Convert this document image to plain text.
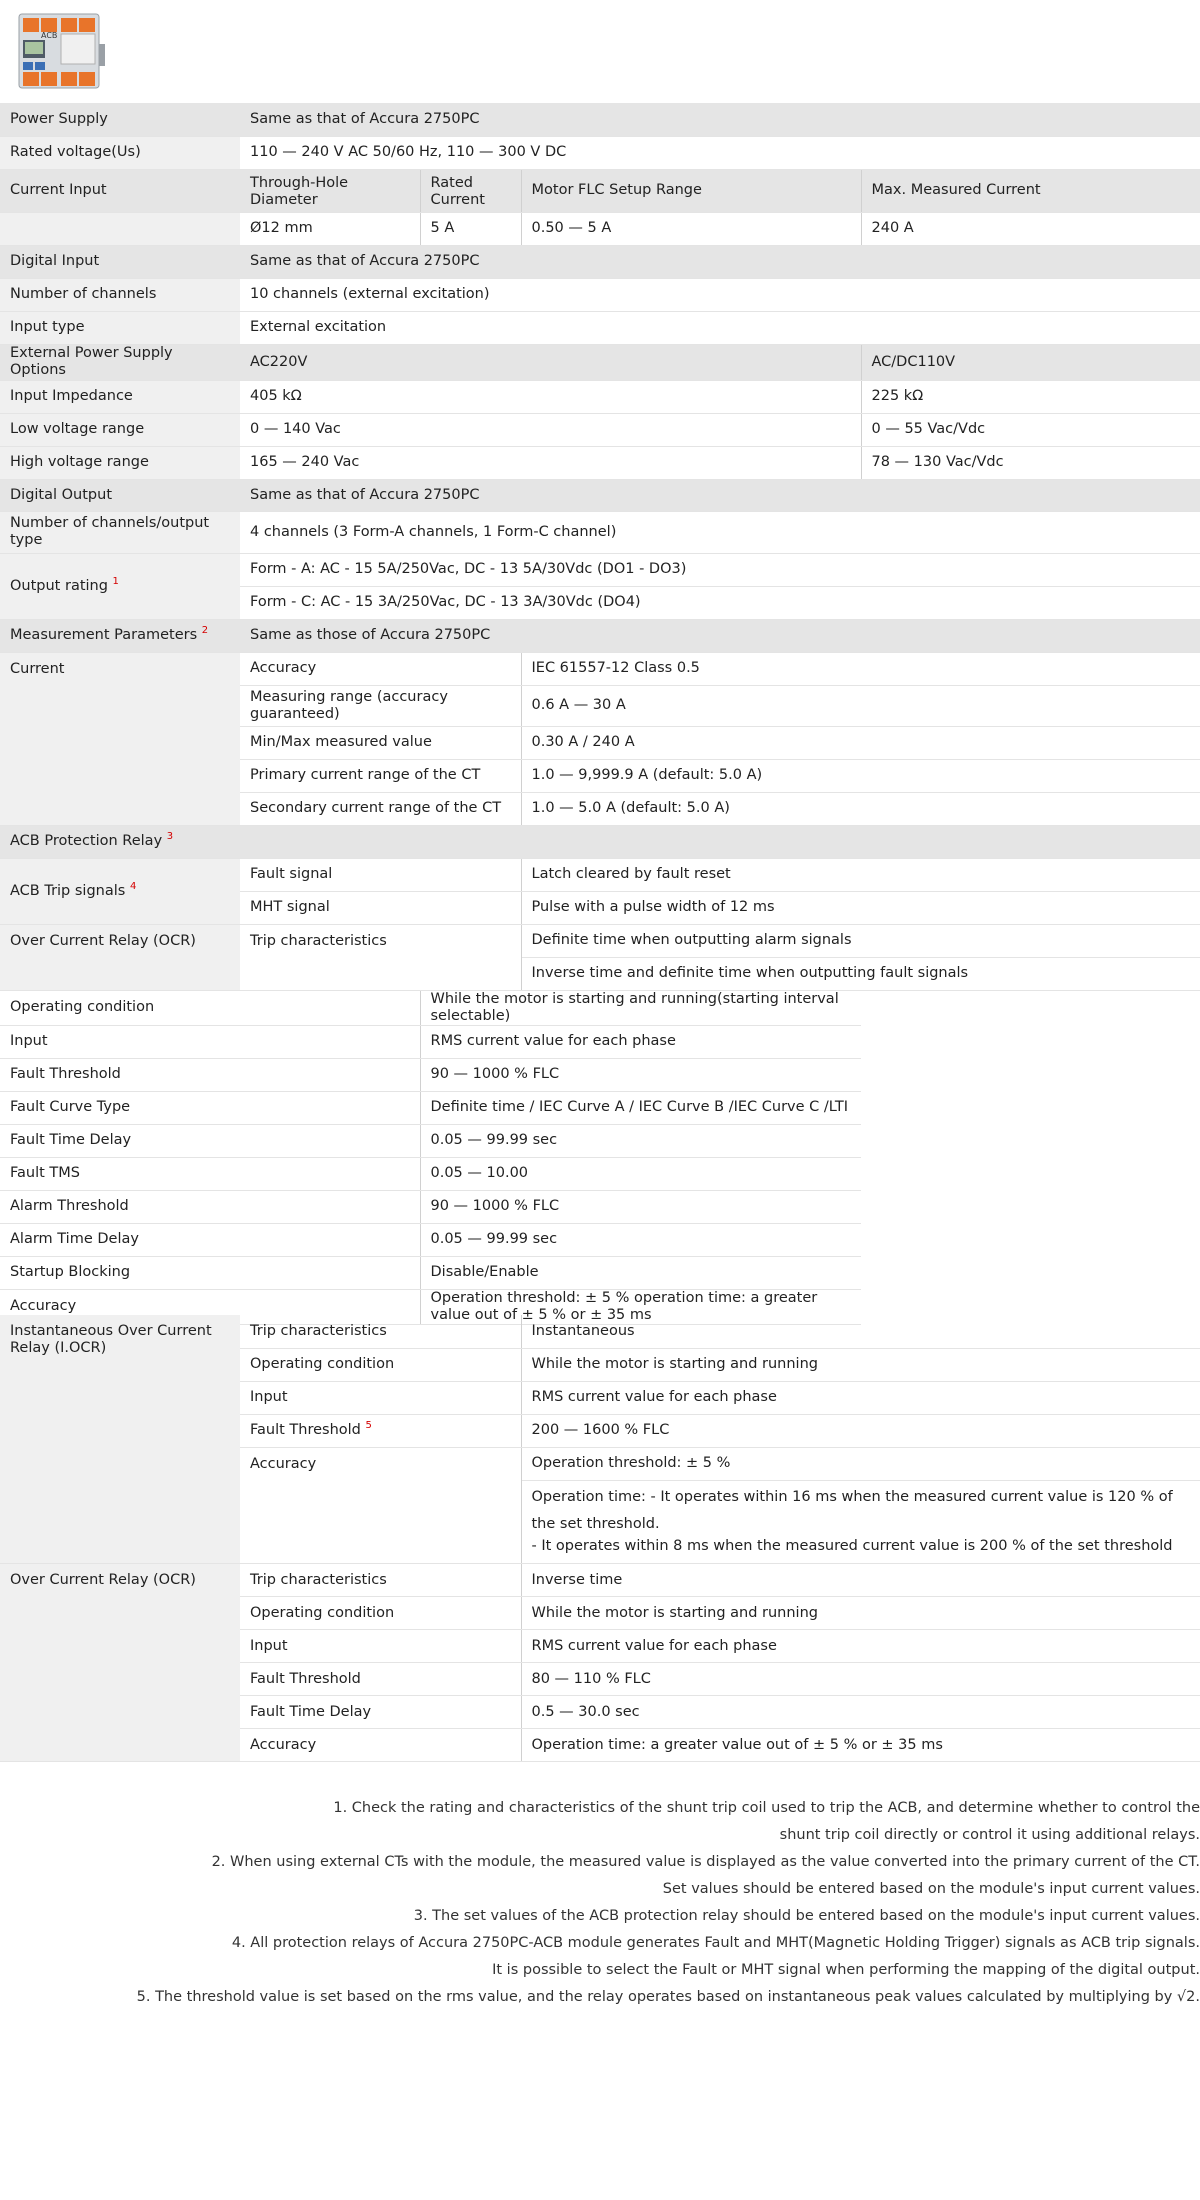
ACB
Power Supply	Same as that of Accura 2750PC			
Rated voltage(Us)	110 — 240 V AC 50/60 Hz, 110 — 300 V DC			
Current Input	Through-Hole Diameter	Rated Current	Motor FLC Setup Range	Max. Measured Current
	Ø12 mm	5 A	0.50 — 5 A	240 A
Digital Input	Same as that of Accura 2750PC			
Number of channels	10 channels (external excitation)			
Input type	External excitation			
External Power Supply Options	AC220V			AC/DC110V
Input Impedance	405 kΩ			225 kΩ
Low voltage range	0 — 140 Vac			0 — 55 Vac/Vdc
High voltage range	165 — 240 Vac			78 — 130 Vac/Vdc
Digital Output	Same as that of Accura 2750PC			
Number of channels/output type	4 channels (3 Form-A channels, 1 Form-C channel)			
Output rating $^1$	Form - A: AC - 15 5A/250Vac, DC - 13 5A/30Vdc (DO1 - DO3)			
	Form - C: AC - 15 3A/250Vac, DC - 13 3A/30Vdc (DO4)			
Measurement Parameters $^2$	Same as those of Accura 2750PC			
Current	Accuracy		IEC 61557-12 Class 0.5	
	Measuring range (accuracy guaranteed)		0.6 A — 30 A	
	Min/Max measured value		0.30 A / 240 A	
	Primary current range of the CT		1.0 — 9,999.9 A (default: 5.0 A)	
	Secondary current range of the CT		1.0 — 5.0 A (default: 5.0 A)	
ACB Protection Relay $^3$
ACB Trip signals $^4$	Fault signal		Latch cleared by fault reset	
	MHT signal		Pulse with a pulse width of 12 ms	
Over Current Relay (OCR)	Trip characteristics		Definite time when outputting alarm signals	
			Inverse time and definite time when outputting fault signals	
Operating condition		While the motor is starting and running(starting interval selectable)		
Input		RMS current value for each phase		
Fault Threshold		90 — 1000 % FLC		
Fault Curve Type		Definite time / IEC Curve A / IEC Curve B /IEC Curve C /LTI		
Fault Time Delay		0.05 — 99.99 sec		
Fault TMS		0.05 — 10.00		
Alarm Threshold		90 — 1000 % FLC		
Alarm Time Delay		0.05 — 99.99 sec		
Startup Blocking		Disable/Enable		
Accuracy		Operation threshold: ± 5 % operation time: a greater value out of ± 5 % or ± 35 ms		
Instantaneous Over Current Relay (I.OCR)	Trip characteristics	Instantaneous
	Operating condition	While the motor is starting and running
	Input	RMS current value for each phase
	Fault Threshold $^5$	200 — 1600 % FLC
	Accuracy	Operation threshold: ± 5 %
		Operation time: - It operates within 16 ms when the measured current value is 120 % of the set threshold.
		- It operates within 8 ms when the measured current value is 200 % of the set threshold
Over Current Relay (OCR)	Trip characteristics	Inverse time
	Operating condition	While the motor is starting and running
	Input	RMS current value for each phase
	Fault Threshold	80 — 110 % FLC
	Fault Time Delay	0.5 — 30.0 sec
	Accuracy	Operation time: a greater value out of ± 5 % or ± 35 ms
1. Check the rating and characteristics of the shunt trip coil used to trip the ACB, and determine whether to control the
shunt trip coil directly or control it using additional relays.
2. When using external CTs with the module, the measured value is displayed as the value converted into the primary current of the CT.
Set values should be entered based on the module's input current values.
3. The set values of the ACB protection relay should be entered based on the module's input current values.
4. All protection relays of Accura 2750PC-ACB module generates Fault and MHT(Magnetic Holding Trigger) signals as ACB trip signals.
It is possible to select the Fault or MHT signal when performing the mapping of the digital output.
5. The threshold value is set based on the rms value, and the relay operates based on instantaneous peak values calculated by multiplying by √2.
